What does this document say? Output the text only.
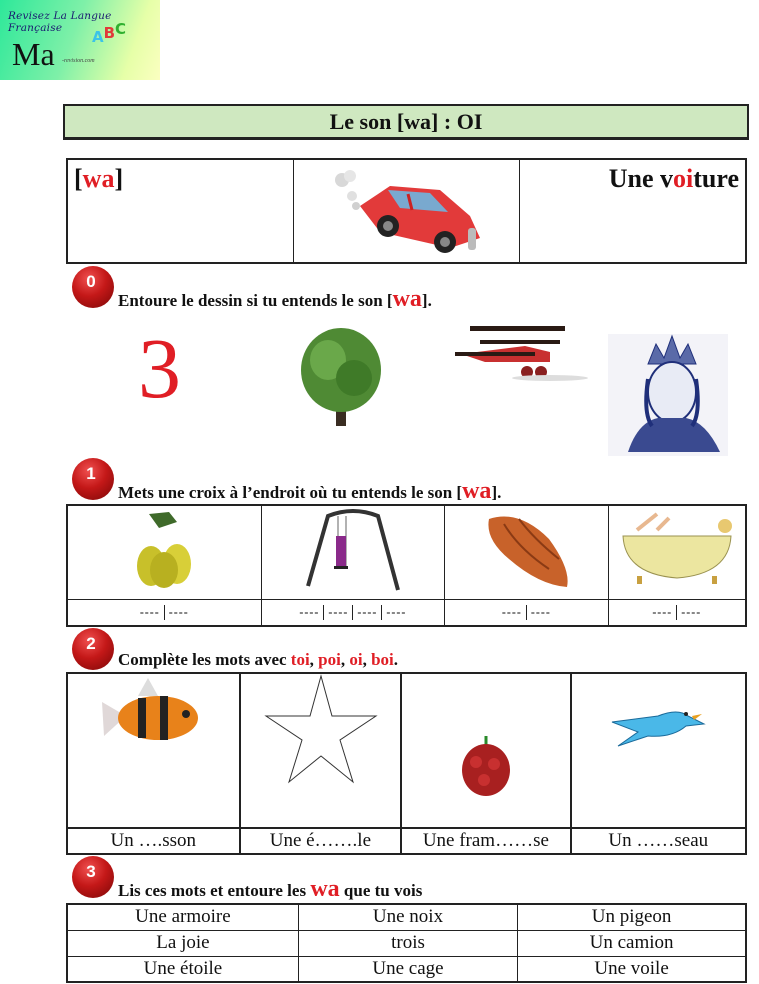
Revisez La Langue Française
Ma ABC
-revision.com
Le son [wa] : OI
[wa]	Une voiture
0
Entoure le dessin si tu entends le son [wa].
3
1
Mets une croix à l’endroit où tu entends le son [wa].

---- ----	---- ---- ---- ----	---- ----	---- ----
2
Complète les mots avec toi, poi, oi, boi.

Un ….sson	Une é…….le	Une fram……se	Un ……seau
3
Lis ces mots et entoure les wa que tu vois
Une armoire	Une noix	Un pigeon
La joie	trois	Un camion
Une étoile	Une cage	Une voile
